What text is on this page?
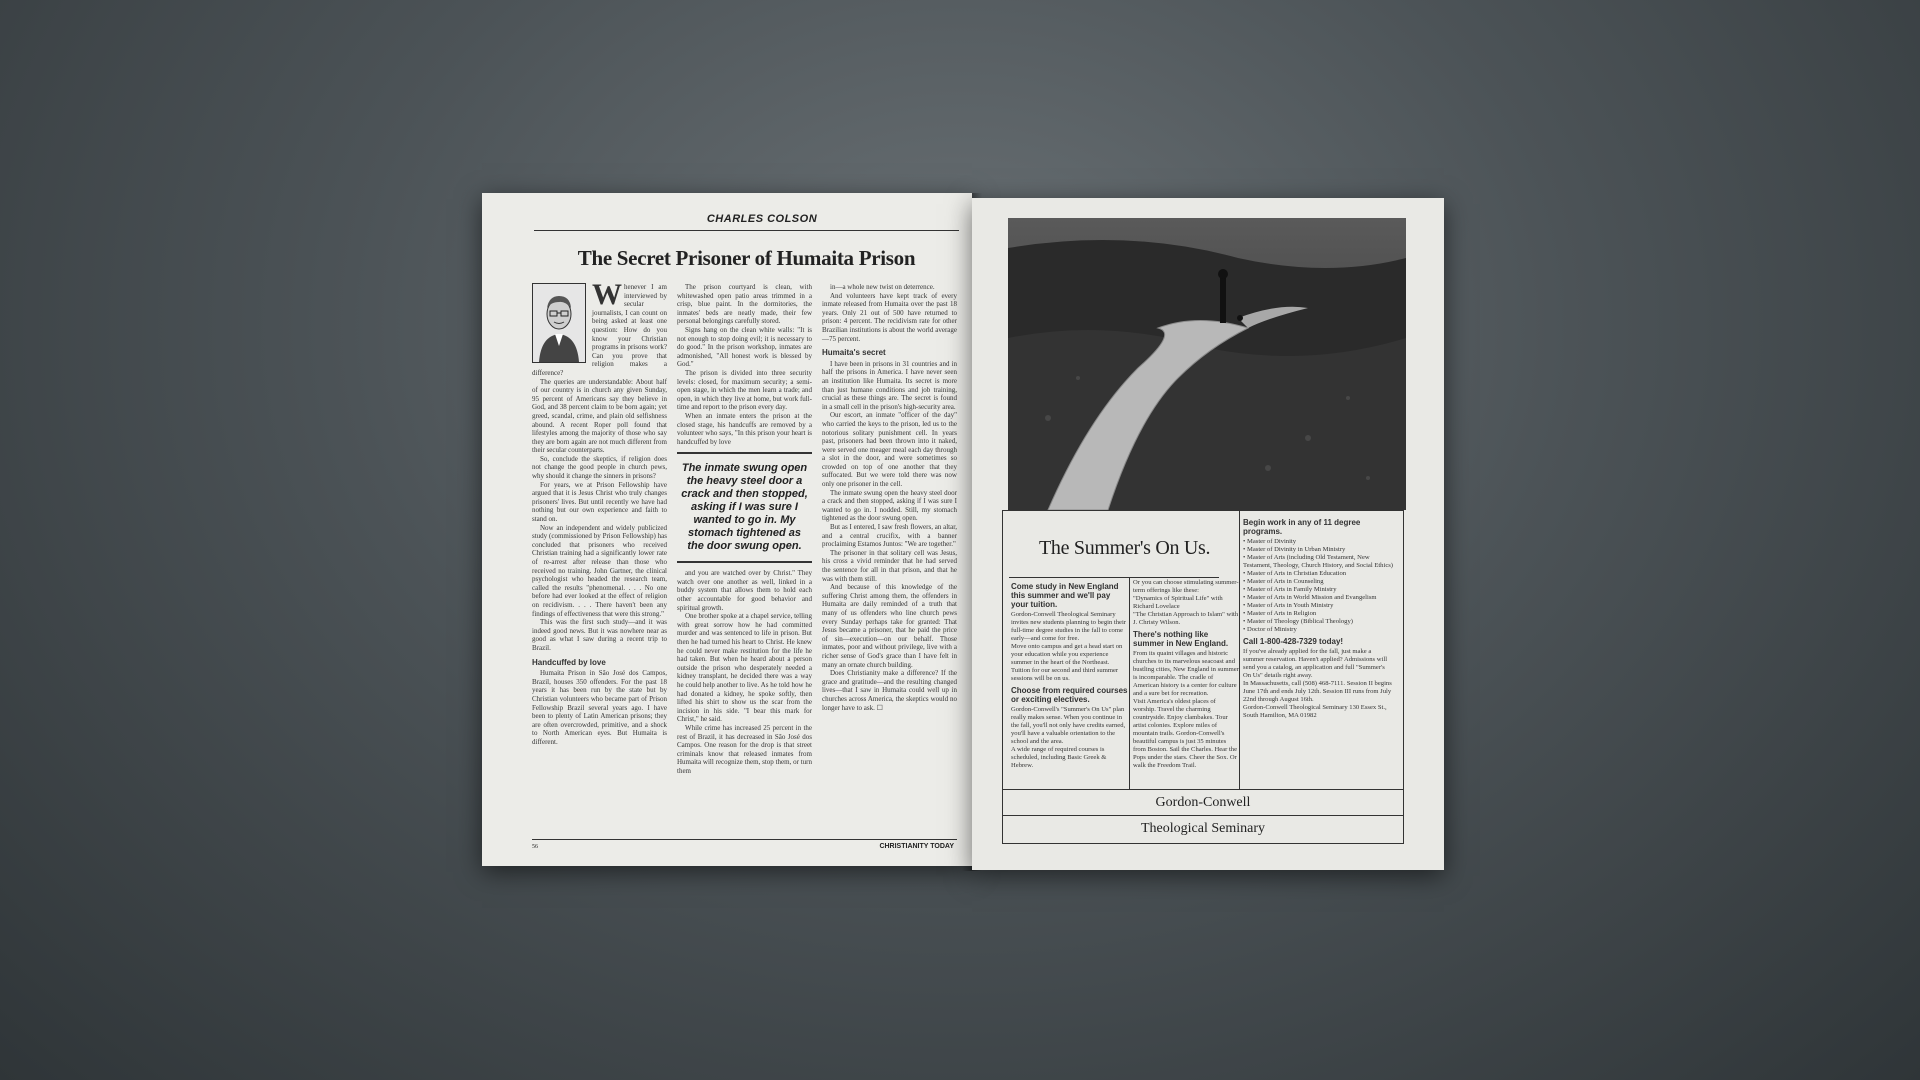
CHARLES COLSON
The Secret Prisoner of Humaita Prison
W henever I am interviewed by secular journalists, I can count on being asked at least one question: How do you know your Christian programs in prisons work? Can you prove that religion makes a difference?

The queries are understandable: About half of our country is in church any given Sunday, 95 percent of Americans say they believe in God, and 38 percent claim to be born again; yet greed, scandal, crime, and plain old selfishness abound. A recent Roper poll found that lifestyles among the majority of those who say they are born again are not much different from their secular counterparts.

So, conclude the skeptics, if religion does not change the good people in church pews, why should it change the sinners in prisons?

For years, we at Prison Fellowship have argued that it is Jesus Christ who truly changes prisoners' lives. But until recently we have had nothing but our own experience and faith to stand on.

Now an independent and widely publicized study (commissioned by Prison Fellowship) has concluded that prisoners who received Christian training had a significantly lower rate of re-arrest after release than those who received no training. John Gartner, the clinical psychologist who headed the research team, called the results "phenomenal. . . . No one before had ever looked at the effect of religion on recidivism. . . . There haven't been any findings of effectiveness that were this strong."

This was the first such study—and it was indeed good news. But it was nowhere near as good as what I saw during a recent trip to Brazil.

Handcuffed by love

Humaita Prison in São José dos Campos, Brazil, houses 350 offenders. For the past 18 years it has been run by the state but by Christian volunteers who became part of Prison Fellowship Brazil several years ago. I have been to plenty of Latin American prisons; they are often overcrowded, primitive, and a shock to North American eyes. But Humaita is different.

The prison courtyard is clean, with whitewashed open patio areas trimmed in a crisp, blue paint. In the dormitories, the inmates' beds are neatly made, their few personal belongings carefully stored.

Signs hang on the clean white walls: "It is not enough to stop doing evil; it is necessary to do good." In the prison workshop, inmates are admonished, "All honest work is blessed by God."

The prison is divided into three security levels: closed, for maximum security; a semi-open stage, in which the men learn a trade; and open, in which they live at home, but work full-time and report to the prison every day.

When an inmate enters the prison at the closed stage, his handcuffs are removed by a volunteer who says, "In this prison your heart is handcuffed by love

The inmate swung open the heavy steel door a crack and then stopped, asking if I was sure I wanted to go in. My stomach tightened as the door swung open.

and you are watched over by Christ." They watch over one another as well, linked in a buddy system that allows them to hold each other accountable for good behavior and spiritual growth.

One brother spoke at a chapel service, telling with great sorrow how he had committed murder and was sentenced to life in prison. But then he had turned his heart to Christ. He knew he could never make restitution for the life he had taken. But when he heard about a person outside the prison who desperately needed a kidney transplant, he decided there was a way he could help another to live. As he told how he had donated a kidney, he spoke softly, then lifted his shirt to show us the scar from the incision in his side. "I bear this mark for Christ," he said.

While crime has increased 25 percent in the rest of Brazil, it has decreased in São José dos Campos. One reason for the drop is that street criminals know that released inmates from Humaita will recognize them, stop them, or turn them

in—a whole new twist on deterrence.

And volunteers have kept track of every inmate released from Humaita over the past 18 years. Only 21 out of 500 have returned to prison: 4 percent. The recidivism rate for other Brazilian institutions is about the world average—75 percent.

Humaita's secret

I have been in prisons in 31 countries and in half the prisons in America. I have never seen an institution like Humaita. Its secret is more than just humane conditions and job training, crucial as these things are. The secret is found in a small cell in the prison's high-security area.

Our escort, an inmate "officer of the day" who carried the keys to the prison, led us to the notorious solitary punishment cell. In years past, prisoners had been thrown into it naked, were served one meager meal each day through a slot in the door, and were sometimes so crowded on top of one another that they suffocated. But we were told there was now only one prisoner in the cell.

The inmate swung open the heavy steel door a crack and then stopped, asking if I was sure I wanted to go in. I nodded. Still, my stomach tightened as the door swung open.

But as I entered, I saw fresh flowers, an altar, and a central crucifix, with a banner proclaiming Estamos Juntos: "We are together."

The prisoner in that solitary cell was Jesus, his cross a vivid reminder that he had served the sentence for all in that prison, and that he was with them still.

And because of this knowledge of the suffering Christ among them, the offenders in Humaita are daily reminded of a truth that many of us offenders who line church pews every Sunday perhaps take for granted: That Jesus became a prisoner, that he paid the price of sin—execution—on our behalf. Those inmates, poor and without privilege, live with a richer sense of God's grace than I have felt in many an ornate church building.

Does Christianity make a difference? If the grace and gratitude—and the resulting changed lives—that I saw in Humaita could well up in churches across America, the skeptics would no longer have to ask. ☐

56	CHRISTIANITY TODAY
The Summer's On Us.
Come study in New England this summer and we'll pay your tuition.
Gordon-Conwell Theological Seminary invites new students planning to begin their full-time degree studies in the fall to come early—and come for free.
Move onto campus and get a head start on your education while you experience summer in the heart of the Northeast. Tuition for our second and third summer sessions will be on us.
Choose from required courses or exciting electives.
Gordon-Conwell's "Summer's On Us" plan really makes sense. When you continue in the fall, you'll not only have credits earned, you'll have a valuable orientation to the school and the area.
A wide range of required courses is scheduled, including Basic Greek & Hebrew.
Or you can choose stimulating summer-term offerings like these:
"Dynamics of Spiritual Life" with Richard Lovelace
"The Christian Approach to Islam" with J. Christy Wilson.
There's nothing like summer in New England.
From its quaint villages and historic churches to its marvelous seacoast and bustling cities, New England in summer is incomparable. The cradle of American history is a center for culture and a sure bet for recreation.
Visit America's oldest places of worship. Travel the charming countryside. Enjoy clambakes. Tour artist colonies. Explore miles of mountain trails. Gordon-Conwell's beautiful campus is just 35 minutes from Boston. Sail the Charles. Hear the Pops under the stars. Cheer the Sox. Or walk the Freedom Trail.
Begin work in any of 11 degree programs.
• Master of Divinity
• Master of Divinity in Urban Ministry
• Master of Arts (including Old Testament, New Testament, Theology, Church History, and Social Ethics)
• Master of Arts in Christian Education
• Master of Arts in Counseling
• Master of Arts in Family Ministry
• Master of Arts in World Mission and Evangelism
• Master of Arts in Youth Ministry
• Master of Arts in Religion
• Master of Theology (Biblical Theology)
• Doctor of Ministry
Call 1-800-428-7329 today!
If you've already applied for the fall, just make a summer reservation. Haven't applied? Admissions will send you a catalog, an application and full "Summer's On Us" details right away.
In Massachusetts, call (508) 468-7111. Session II begins June 17th and ends July 12th. Session III runs from July 22nd through August 16th.
Gordon-Conwell Theological Seminary 130 Essex St., South Hamilton, MA 01982
Gordon-Conwell
Theological Seminary
